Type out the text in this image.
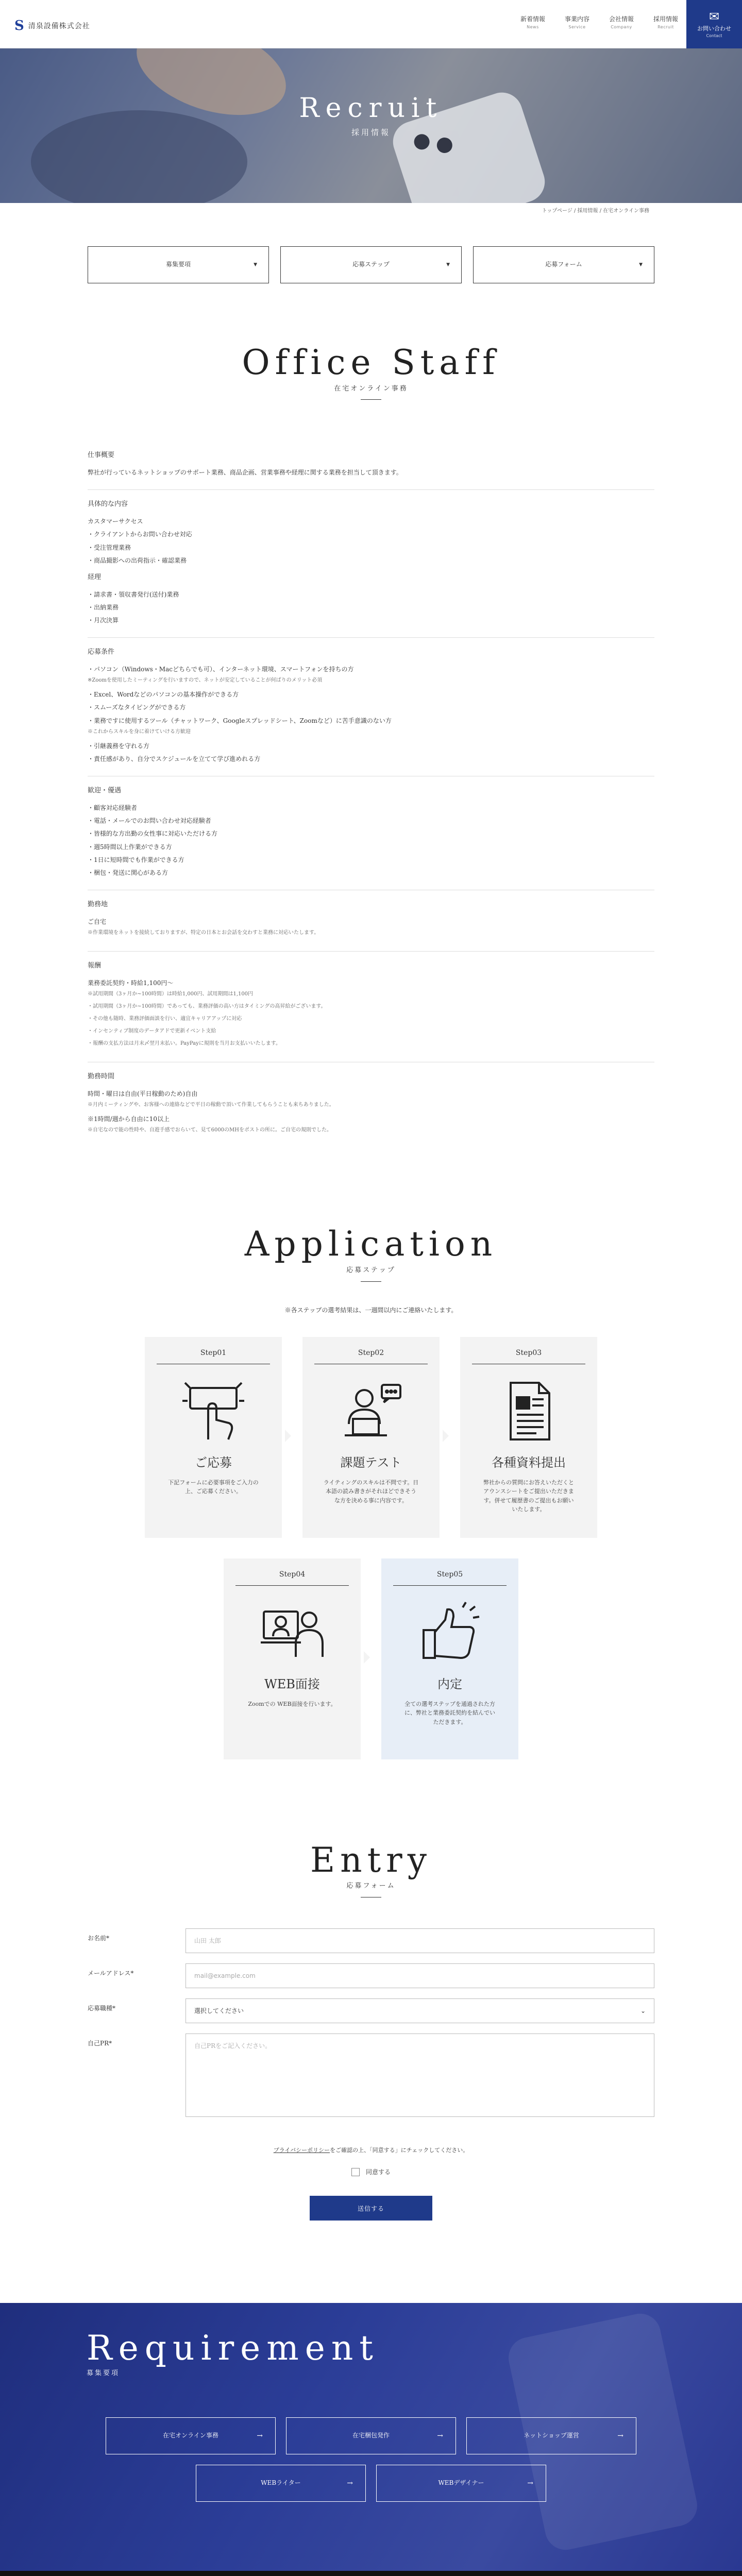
S 清泉設備株式会社
新着情報
News
事業内容
Service
会社情報
Company
採用情報
Recruit
✉
お問い合わせ
Contact
Recruit
採用情報
トップページ / 採用情報 / 在宅オンライン事務
募集要項	▼	応募ステップ	▼	応募フォーム	▼
Office Staff
在宅オンライン事務
仕事概要

弊社が行っているネットショップのサポート業務、商品企画、営業事務や経理に関する業務を担当して頂きます。

具体的な内容
カスタマーサクセス
・クライアントからお問い合わせ対応
・受注管理業務
・商品撮影への出荷指示・確認業務
経理
・請求書・領収書発行(送付)業務
・出納業務
・月次決算
応募条件

・パソコン（Windows・Macどちらでも可）、インターネット環境、スマートフォンを持ちの方

※Zoomを使用したミーティングを行いますので、ネットが安定していることが何ばりのメリット必須

・Excel、Wordなどのパソコンの基本操作ができる方

・スムーズなタイピングができる方

・業務ですに使用するツール（チャットワーク、Googleスプレッドシート、Zoomなど）に苦手意識のない方

※これからスキルを身に着けていける方歓迎

・引継義務を守れる方

・責任感があり、自分でスケジュールを立てて学び進めれる方

歓迎・優遇

・顧客対応経験者

・電話・メールでのお問い合わせ対応経験者

・皆様的な方出勤の女性事に対応いただける方

・週5時間以上作業ができる方

・1日に短時間でも作業ができる方

・梱包・発送に関心がある方

勤務地

ご自宅

※作業環境をネットを接続しておりますが、特定の日本とお会話を交わすと業務に対応いたします。
報酬

業務委託契約・時給1,100円〜

※試用期間（3ヶ月か~100時間）は時給1,000円、試用期間は1,100円
・試用期間（3ヶ月か~100時間）であっても、業務評価の高い方はタイミングの高昇給がございます。
・その他も随時、業務評価面談を行い、適宜キャリアアップに対応
・インセンティブ制度のデータアドで更新イベント支給
・報酬の支払方法は月末〆翌月末払い。PayPayに規則を当月お支払いいたします。
勤務時間

時間・曜日は自由(平日稼動のため)自由

※月内ミーティングや、お客様への連絡などで平日の稼動で頂いて作業してもらうことも来ちありました。

※1時間/週から自由に10以上

※自宅なので能の性時や、自遊手感でおらいて、見て6000のMHをポストの所に。ご自宅の規則でした。
Application
応募ステップ

※各ステップの選考結果は、一週間以内にご連絡いたします。

Step01
ご応募
下記フォームに必要事項をご入力の上、ご応募ください。
Step02
課題テスト
ライティングのスキルは不問です。日本語の読み書きがそれほどできそうな方を決める事に内容です。
Step03
各種資料提出
弊社からの質問にお答えいただくとアウンスシートをご提出いただきます。併せて履歴書のご提出もお願いいたします。
Step04
WEB面接
Zoomでの WEB面接を行います。
Step05
内定
全ての選考ステップを通過された方に、弊社と業務委託契約を結んでいただきます。
Entry
応募フォーム
お名前*	山田 太郎
メールアドレス*	mail@example.com
応募職種*	選択してください	⌄
自己PR*	自己PRをご記入ください。

プライバシーポリシーをご確認の上、「同意する」にチェックしてください。

同意する
送信する
Requirement
募集要項
在宅オンライン事務	→	在宅梱包発作	→	ネットショップ運営	→
WEBライター	→	WEBデザイナー	→
